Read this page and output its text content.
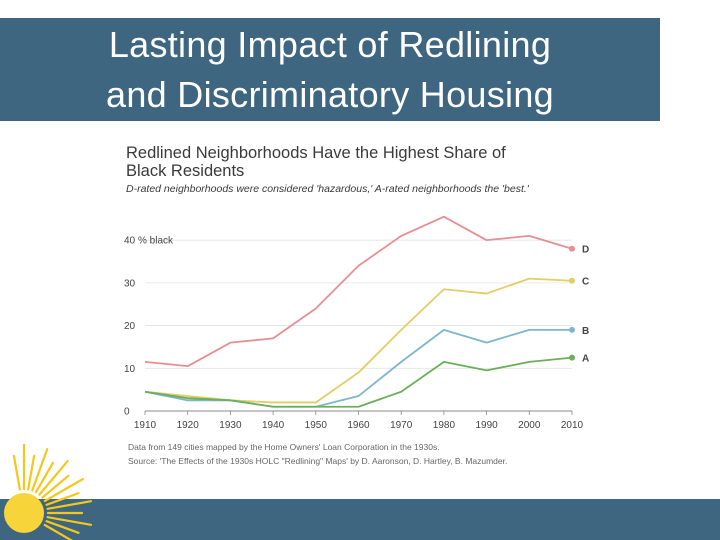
Lasting Impact of Redlining
and Discriminatory Housing
Redlined Neighborhoods Have the Highest Share of
Black Residents
D-rated neighborhoods were considered 'hazardous,' A-rated neighborhoods the 'best.'
0
10
20
30
40 % black
1910 1920 1930 1940 1950 1960 1970 1980 1990 2000 2010
D
C
B
A
Data from 149 cities mapped by the Home Owners' Loan Corporation in the 1930s.
Source: 'The Effects of the 1930s HOLC "Redlining" Maps' by D. Aaronson, D. Hartley, B. Mazumder.
